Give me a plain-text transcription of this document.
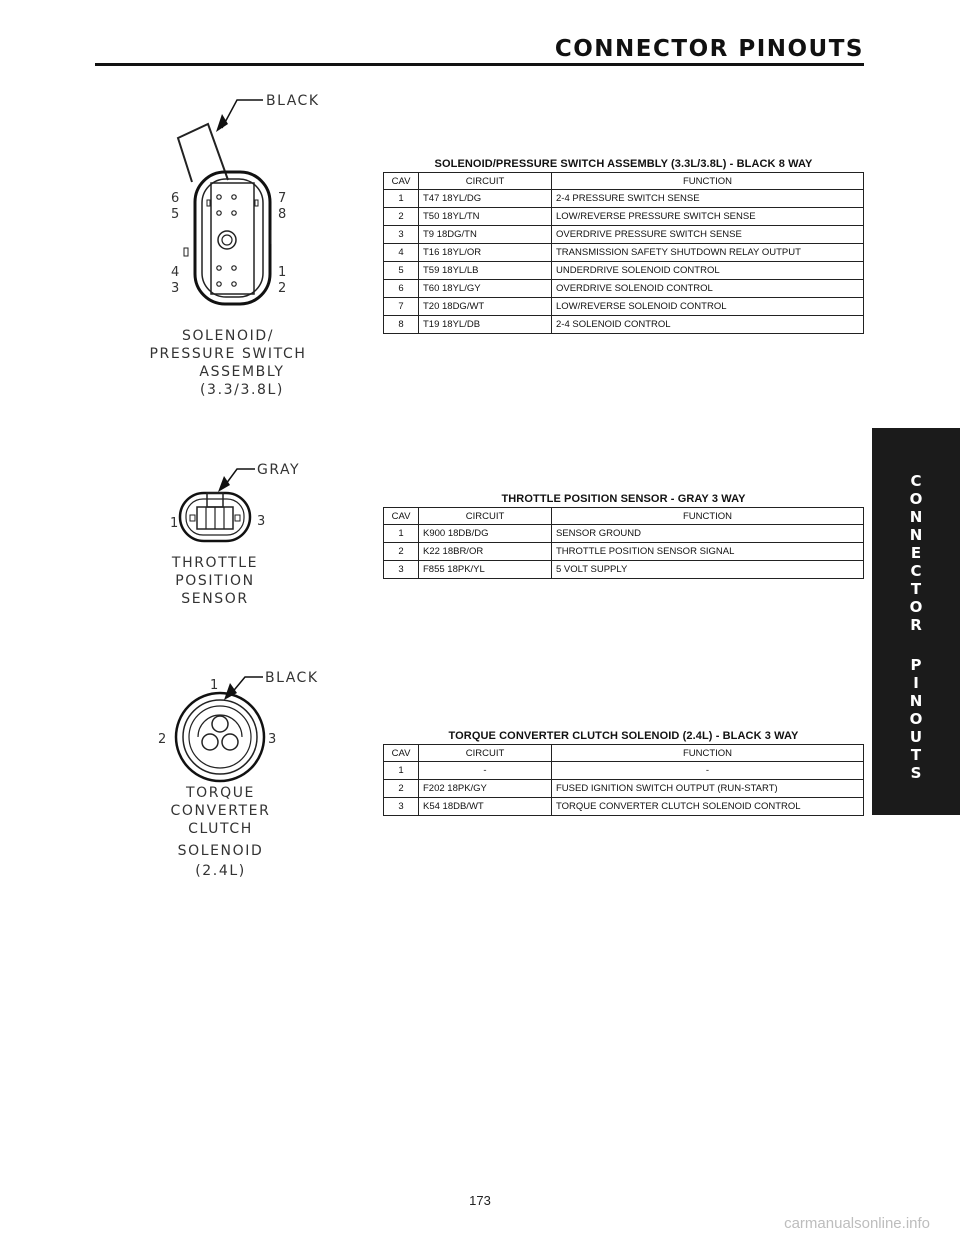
CONNECTOR PINOUTS
C
O
N
N
E
C
T
O
R
P
I
N
O
U
T
S
BLACK
6
5
4
3
7
8
1
2
SOLENOID/
PRESSURE SWITCH
ASSEMBLY
(3.3/3.8L)
SOLENOID/PRESSURE SWITCH ASSEMBLY (3.3L/3.8L) - BLACK 8 WAY
CAV	CIRCUIT	FUNCTION
1	T47 18YL/DG	2-4 PRESSURE SWITCH SENSE
2	T50 18YL/TN	LOW/REVERSE PRESSURE SWITCH SENSE
3	T9 18DG/TN	OVERDRIVE PRESSURE SWITCH SENSE
4	T16 18YL/OR	TRANSMISSION SAFETY SHUTDOWN RELAY OUTPUT
5	T59 18YL/LB	UNDERDRIVE SOLENOID CONTROL
6	T60 18YL/GY	OVERDRIVE SOLENOID CONTROL
7	T20 18DG/WT	LOW/REVERSE SOLENOID CONTROL
8	T19 18YL/DB	2-4 SOLENOID CONTROL
GRAY
1	3
THROTTLE
POSITION
SENSOR
THROTTLE POSITION SENSOR - GRAY 3 WAY
CAV	CIRCUIT	FUNCTION
1	K900 18DB/DG	SENSOR GROUND
2	K22 18BR/OR	THROTTLE POSITION SENSOR SIGNAL
3	F855 18PK/YL	5 VOLT SUPPLY
BLACK
1
2	3
TORQUE
CONVERTER
CLUTCH
SOLENOID
(2.4L)
TORQUE CONVERTER CLUTCH SOLENOID (2.4L) - BLACK 3 WAY
CAV	CIRCUIT	FUNCTION
1	-	-
2	F202 18PK/GY	FUSED IGNITION SWITCH OUTPUT (RUN-START)
3	K54 18DB/WT	TORQUE CONVERTER CLUTCH SOLENOID CONTROL
173
carmanualsonline.info
